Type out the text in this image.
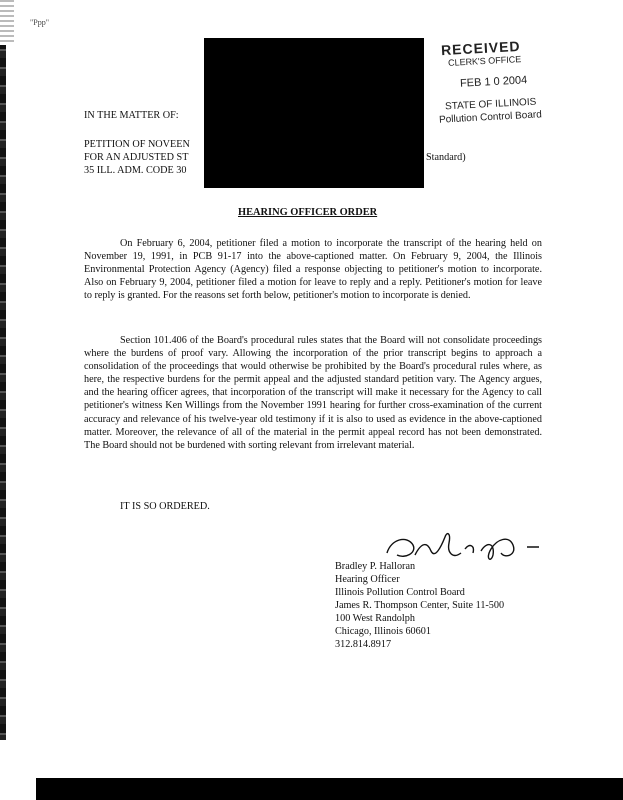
"Ppp"
RECEIVED
CLERK'S OFFICE
FEB 1 0 2004
STATE OF ILLINOIS
Pollution Control Board
IN THE MATTER OF:
PETITION OF NOVEEN
FOR AN ADJUSTED ST	Standard)
35 ILL. ADM. CODE 30
HEARING OFFICER ORDER
On February 6, 2004, petitioner filed a motion to incorporate the transcript of the hearing held on November 19, 1991, in PCB 91-17 into the above-captioned matter. On February 9, 2004, the Illinois Environmental Protection Agency (Agency) filed a response objecting to petitioner's motion to incorporate. Also on February 9, 2004, petitioner filed a motion for leave to reply and a reply. Petitioner's motion for leave to reply is granted. For the reasons set forth below, petitioner's motion to incorporate is denied.
Section 101.406 of the Board's procedural rules states that the Board will not consolidate proceedings where the burdens of proof vary. Allowing the incorporation of the prior transcript begins to approach a consolidation of the proceedings that would otherwise be prohibited by the Board's procedural rules where, as here, the respective burdens for the permit appeal and the adjusted standard petition vary. The Agency argues, and the hearing officer agrees, that incorporation of the transcript will make it necessary for the Agency to call petitioner's witness Ken Willings from the November 1991 hearing for further cross-examination of the current accuracy and relevance of his twelve-year old testimony if it is also to used as evidence in the above-captioned matter. Moreover, the relevance of all of the material in the permit appeal record has not been demonstrated. The Board should not be burdened with sorting relevant from irrelevant material.
IT IS SO ORDERED.
Bradley P. Halloran
Hearing Officer
Illinois Pollution Control Board
James R. Thompson Center, Suite 11-500
100 West Randolph
Chicago, Illinois 60601
312.814.8917
